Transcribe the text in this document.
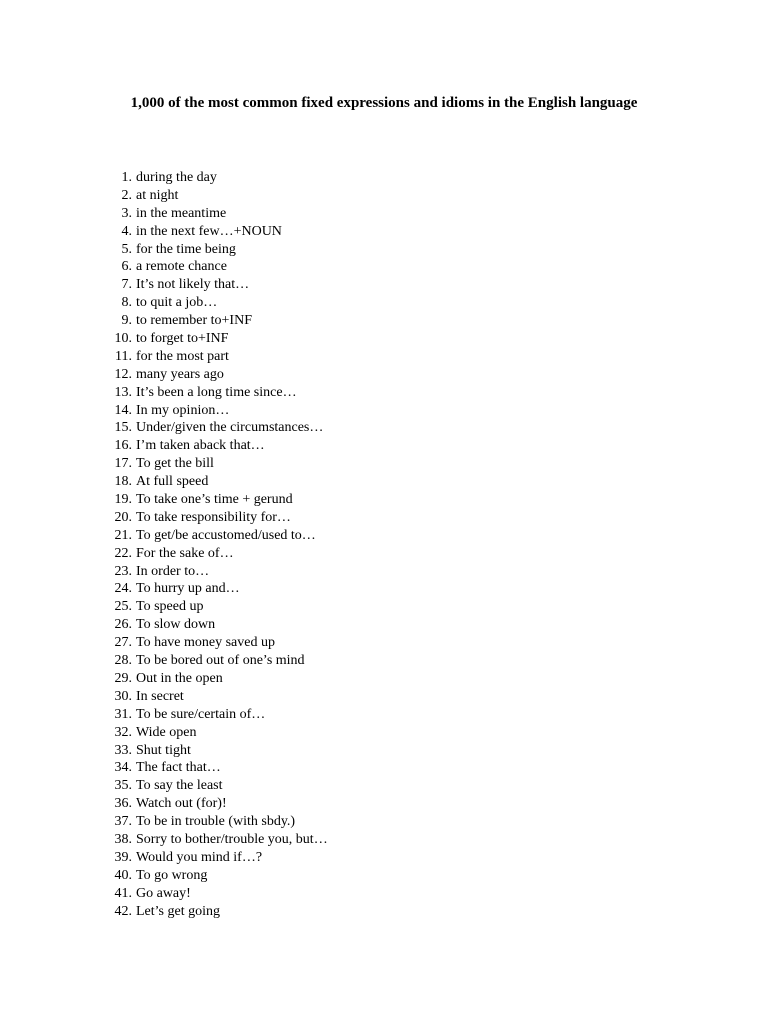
1,000 of the most common fixed expressions and idioms in the English language
1. during the day
2. at night
3. in the meantime
4. in the next few…+NOUN
5. for the time being
6. a remote chance
7. It’s not likely that…
8. to quit a job…
9. to remember to+INF
10. to forget to+INF
11. for the most part
12. many years ago
13. It’s been a long time since…
14. In my opinion…
15. Under/given the circumstances…
16. I’m taken aback that…
17. To get the bill
18. At full speed
19. To take one’s time + gerund
20. To take responsibility for…
21. To get/be accustomed/used to…
22. For the sake of…
23. In order to…
24. To hurry up and…
25. To speed up
26. To slow down
27. To have money saved up
28. To be bored out of one’s mind
29. Out in the open
30. In secret
31. To be sure/certain of…
32. Wide open
33. Shut tight
34. The fact that…
35. To say the least
36. Watch out (for)!
37. To be in trouble (with sbdy.)
38. Sorry to bother/trouble you, but…
39. Would you mind if…?
40. To go wrong
41. Go away!
42. Let’s get going
